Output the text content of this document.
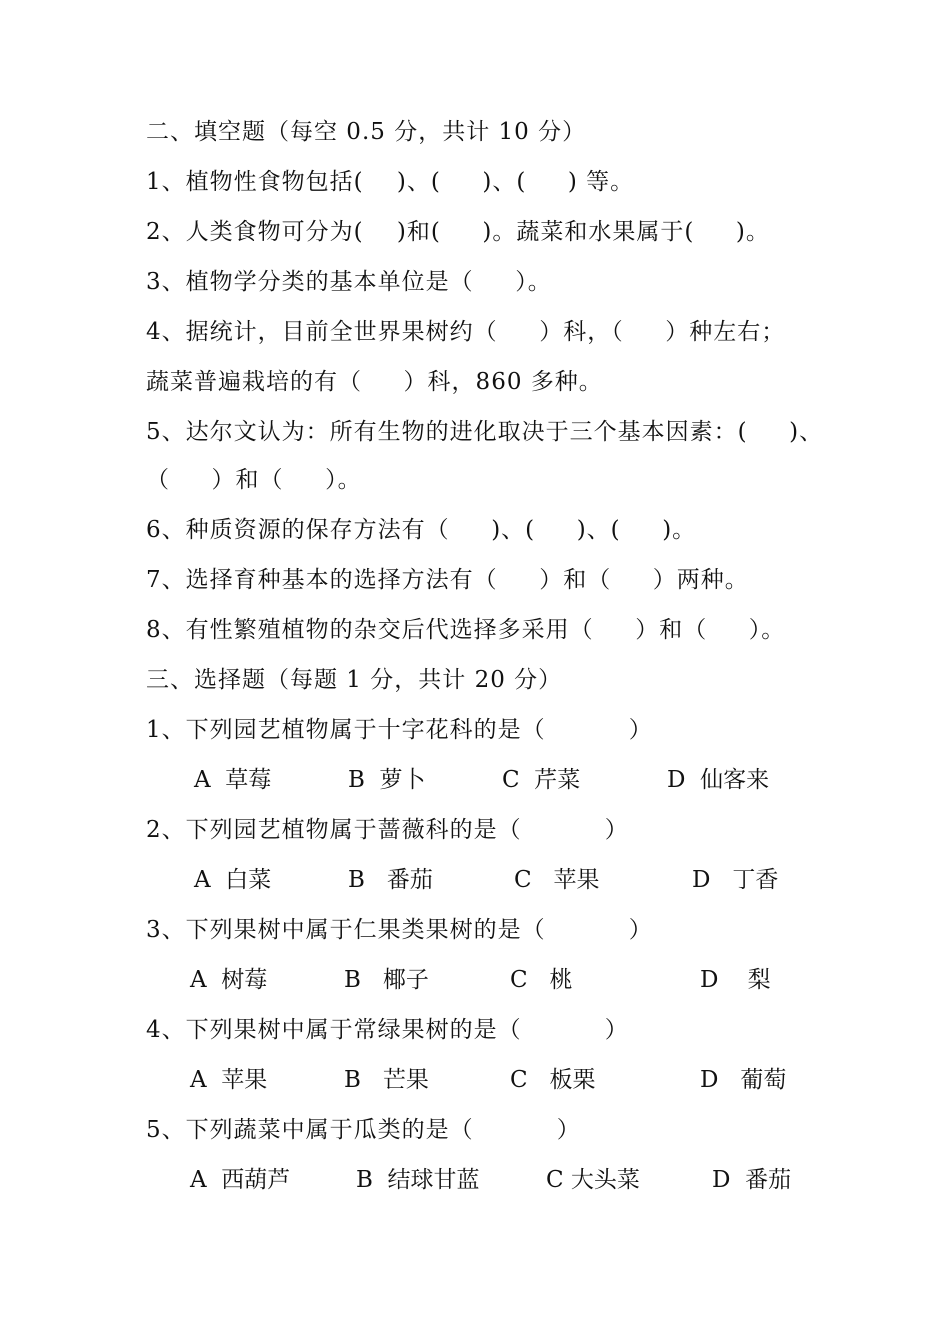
二、填空题（每空 0.5 分，共计 10 分）
1、植物性食物包括(    )、(     )、(     ) 等。
2、人类食物可分为(    )和(     )。蔬菜和水果属于(     )。
3、植物学分类的基本单位是（     ）。
4、据统计，目前全世界果树约（     ）科，（     ）种左右；
蔬菜普遍栽培的有（     ）科，860 多种。
5、达尔文认为：所有生物的进化取决于三个基本因素：(     )、
（     ）和（     ）。
6、种质资源的保存方法有（     )、(     )、(     )。
7、选择育种基本的选择方法有（     ）和（     ）两种。
8、有性繁殖植物的杂交后代选择多采用（     ）和（     ）。
三、选择题（每题 1 分，共计 20 分）
1、下列园艺植物属于十字花科的是（          ）
A  草莓	B  萝卜	C  芹菜	D  仙客来
2、下列园艺植物属于蔷薇科的是（          ）
A  白菜	B   番茄	C   苹果	D   丁香
3、下列果树中属于仁果类果树的是（          ）
A  树莓	B   椰子	C   桃	D    梨
4、下列果树中属于常绿果树的是（          ）
A  苹果	B   芒果	C   板栗	D   葡萄
5、下列蔬菜中属于瓜类的是（          ）
A  西葫芦	B  结球甘蓝	C 大头菜	D  番茄
